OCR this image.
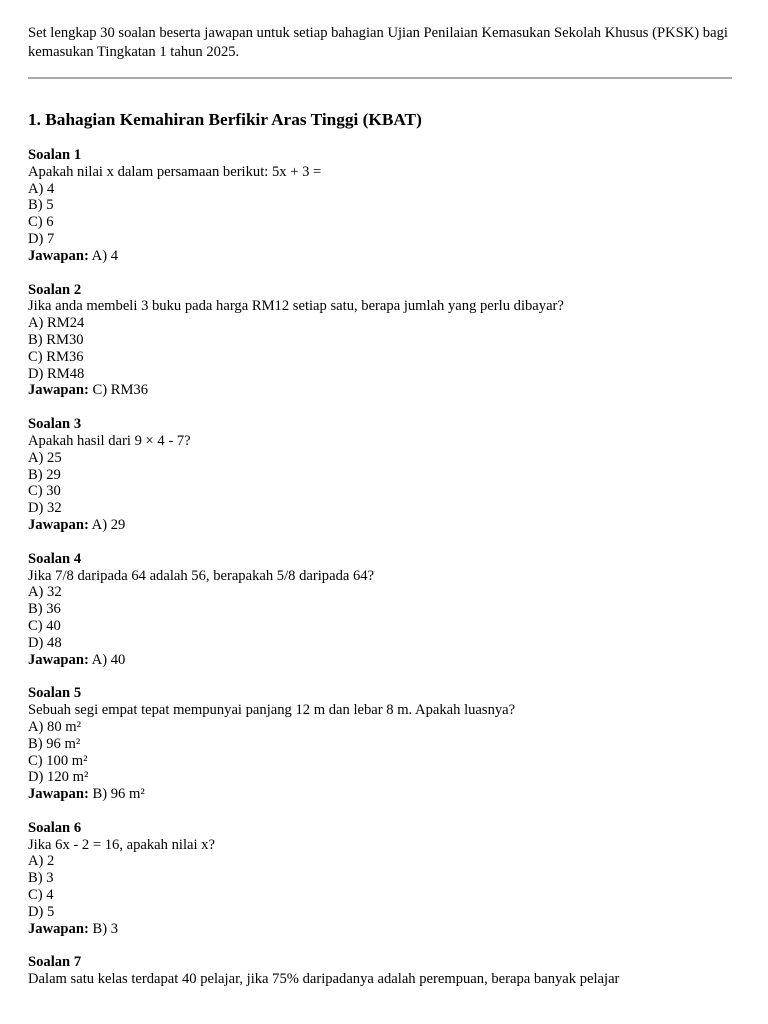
Set lengkap 30 soalan beserta jawapan untuk setiap bahagian Ujian Penilaian Kemasukan Sekolah Khusus (PKSK) bagi kemasukan Tingkatan 1 tahun 2025.

1. Bahagian Kemahiran Berfikir Aras Tinggi (KBAT)
Soalan 1
Apakah nilai x dalam persamaan berikut: 5x + 3 =
A) 4
B) 5
C) 6
D) 7
Jawapan: A) 4
Soalan 2
Jika anda membeli 3 buku pada harga RM12 setiap satu, berapa jumlah yang perlu dibayar?
A) RM24
B) RM30
C) RM36
D) RM48
Jawapan: C) RM36
Soalan 3
Apakah hasil dari 9 × 4 - 7?
A) 25
B) 29
C) 30
D) 32
Jawapan: A) 29
Soalan 4
Jika 7/8 daripada 64 adalah 56, berapakah 5/8 daripada 64?
A) 32
B) 36
C) 40
D) 48
Jawapan: A) 40
Soalan 5
Sebuah segi empat tepat mempunyai panjang 12 m dan lebar 8 m. Apakah luasnya?
A) 80 m²
B) 96 m²
C) 100 m²
D) 120 m²
Jawapan: B) 96 m²
Soalan 6
Jika 6x - 2 = 16, apakah nilai x?
A) 2
B) 3
C) 4
D) 5
Jawapan: B) 3
Soalan 7
Dalam satu kelas terdapat 40 pelajar, jika 75% daripadanya adalah perempuan, berapa banyak pelajar
